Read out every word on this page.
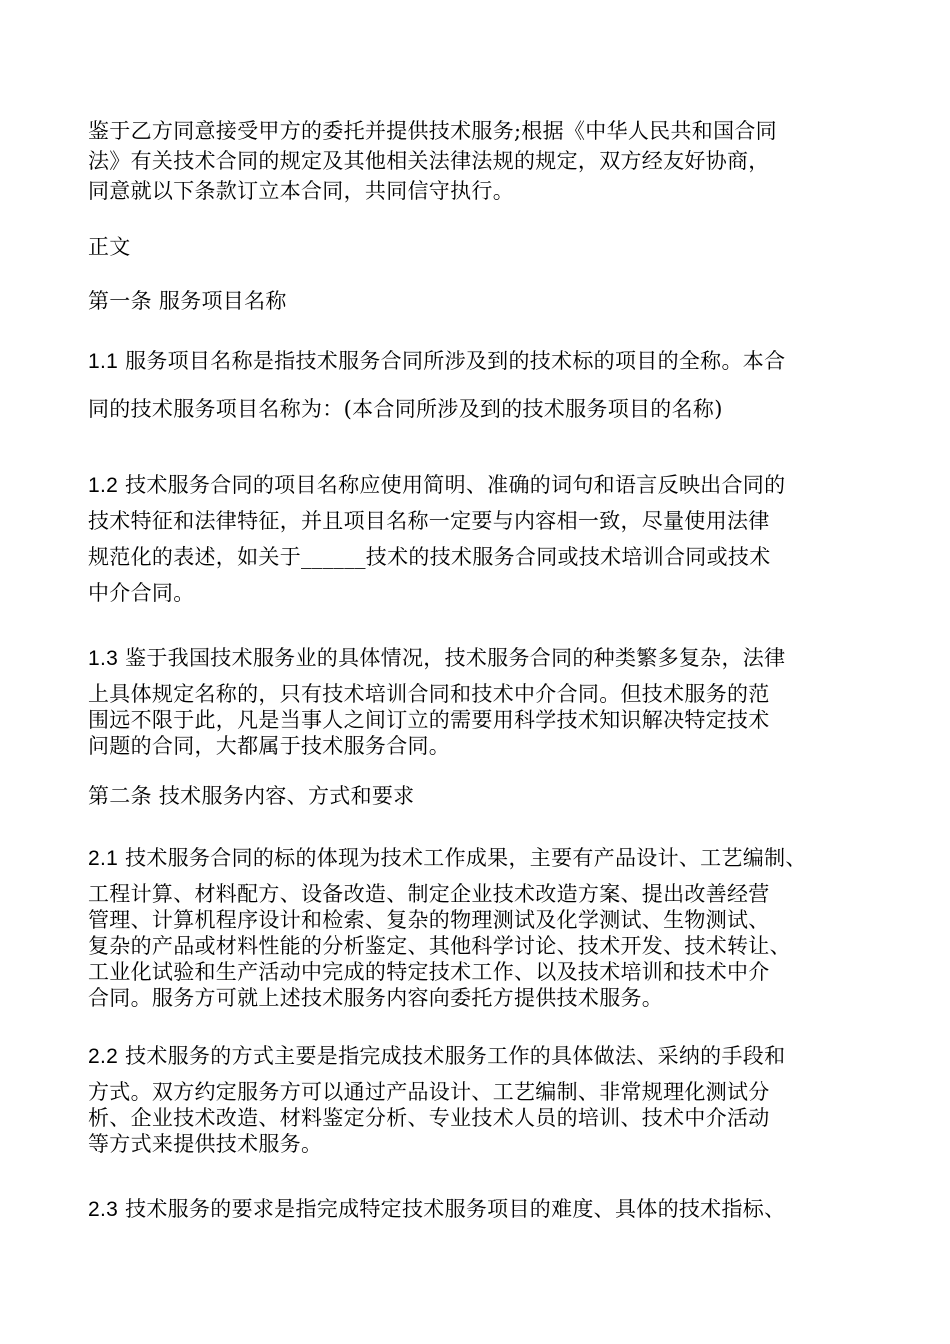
鉴于乙方同意接受甲方的委托并提供技术服务;根据《中华人民共和国合同
法》有关技术合同的规定及其他相关法律法规的规定，双方经友好协商，
同意就以下条款订立本合同，共同信守执行。
正文
第一条 服务项目名称
1.1 服务项目名称是指技术服务合同所涉及到的技术标的项目的全称。本合
同的技术服务项目名称为：(本合同所涉及到的技术服务项目的名称)
1.2 技术服务合同的项目名称应使用简明、准确的词句和语言反映出合同的
技术特征和法律特征，并且项目名称一定要与内容相一致，尽量使用法律
规范化的表述，如关于______技术的技术服务合同或技术培训合同或技术
中介合同。
1.3 鉴于我国技术服务业的具体情况，技术服务合同的种类繁多复杂，法律
上具体规定名称的，只有技术培训合同和技术中介合同。但技术服务的范
围远不限于此，凡是当事人之间订立的需要用科学技术知识解决特定技术
问题的合同，大都属于技术服务合同。
第二条 技术服务内容、方式和要求
2.1 技术服务合同的标的体现为技术工作成果，主要有产品设计、工艺编制、
工程计算、材料配方、设备改造、制定企业技术改造方案、提出改善经营
管理、计算机程序设计和检索、复杂的物理测试及化学测试、生物测试、
复杂的产品或材料性能的分析鉴定、其他科学讨论、技术开发、技术转让、
工业化试验和生产活动中完成的特定技术工作、以及技术培训和技术中介
合同。服务方可就上述技术服务内容向委托方提供技术服务。
2.2 技术服务的方式主要是指完成技术服务工作的具体做法、采纳的手段和
方式。双方约定服务方可以通过产品设计、工艺编制、非常规理化测试分
析、企业技术改造、材料鉴定分析、专业技术人员的培训、技术中介活动
等方式来提供技术服务。
2.3 技术服务的要求是指完成特定技术服务项目的难度、具体的技术指标、
